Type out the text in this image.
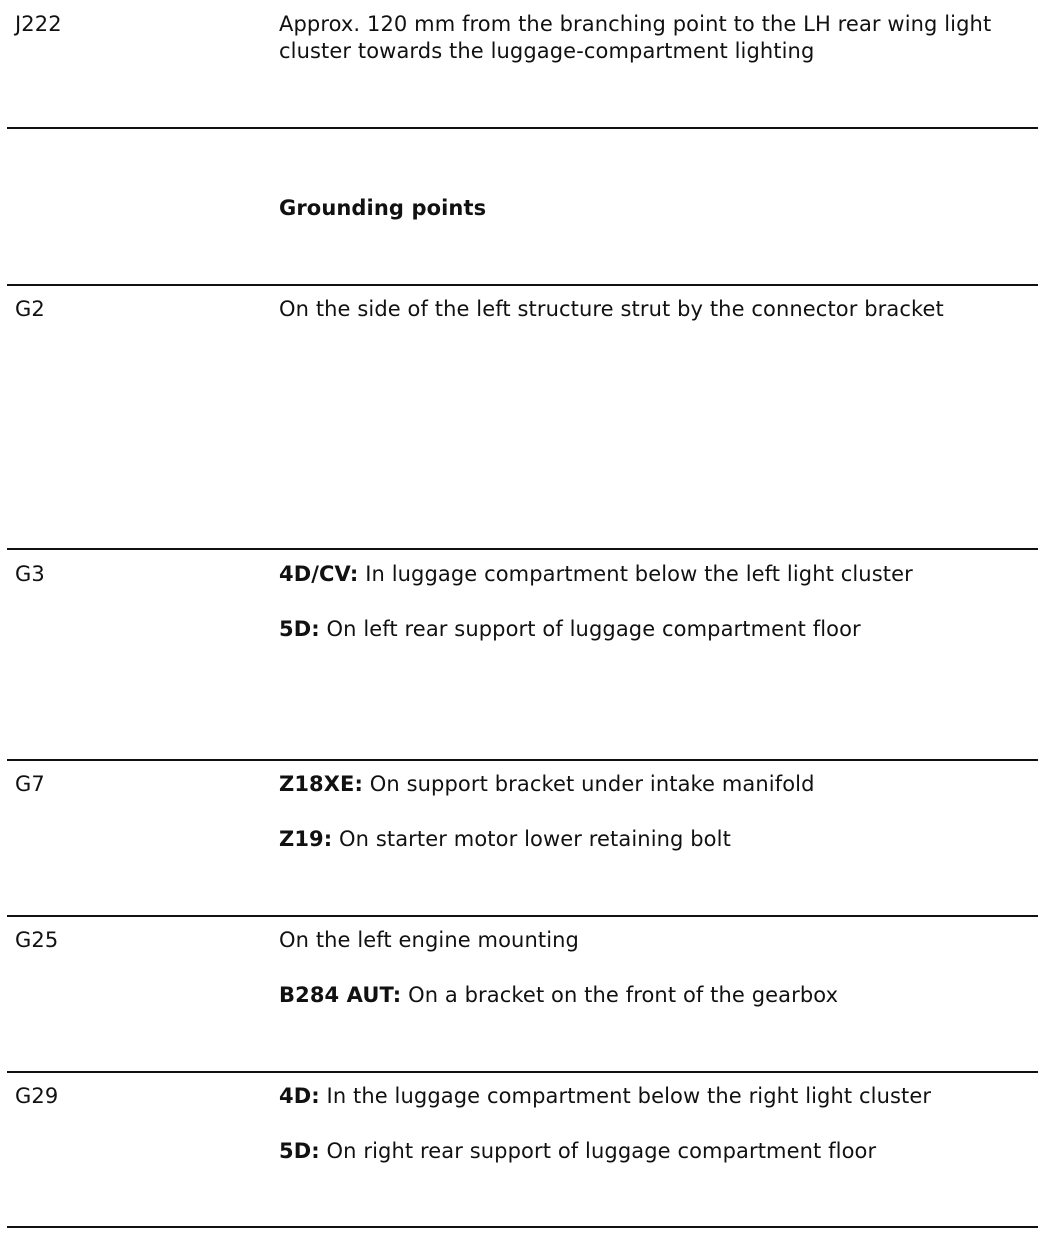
J222	Approx. 120 mm from the branching point to the LH rear wing light cluster towards the luggage-compartment lighting

Grounding points

G2	On the side of the left structure strut by the connector bracket

G3	4D/CV: In luggage compartment below the left light cluster

5D: On left rear support of luggage compartment floor

G7	Z18XE: On support bracket under intake manifold

Z19: On starter motor lower retaining bolt

G25	On the left engine mounting

B284 AUT: On a bracket on the front of the gearbox

G29	4D: In the luggage compartment below the right light cluster

5D: On right rear support of luggage compartment floor
